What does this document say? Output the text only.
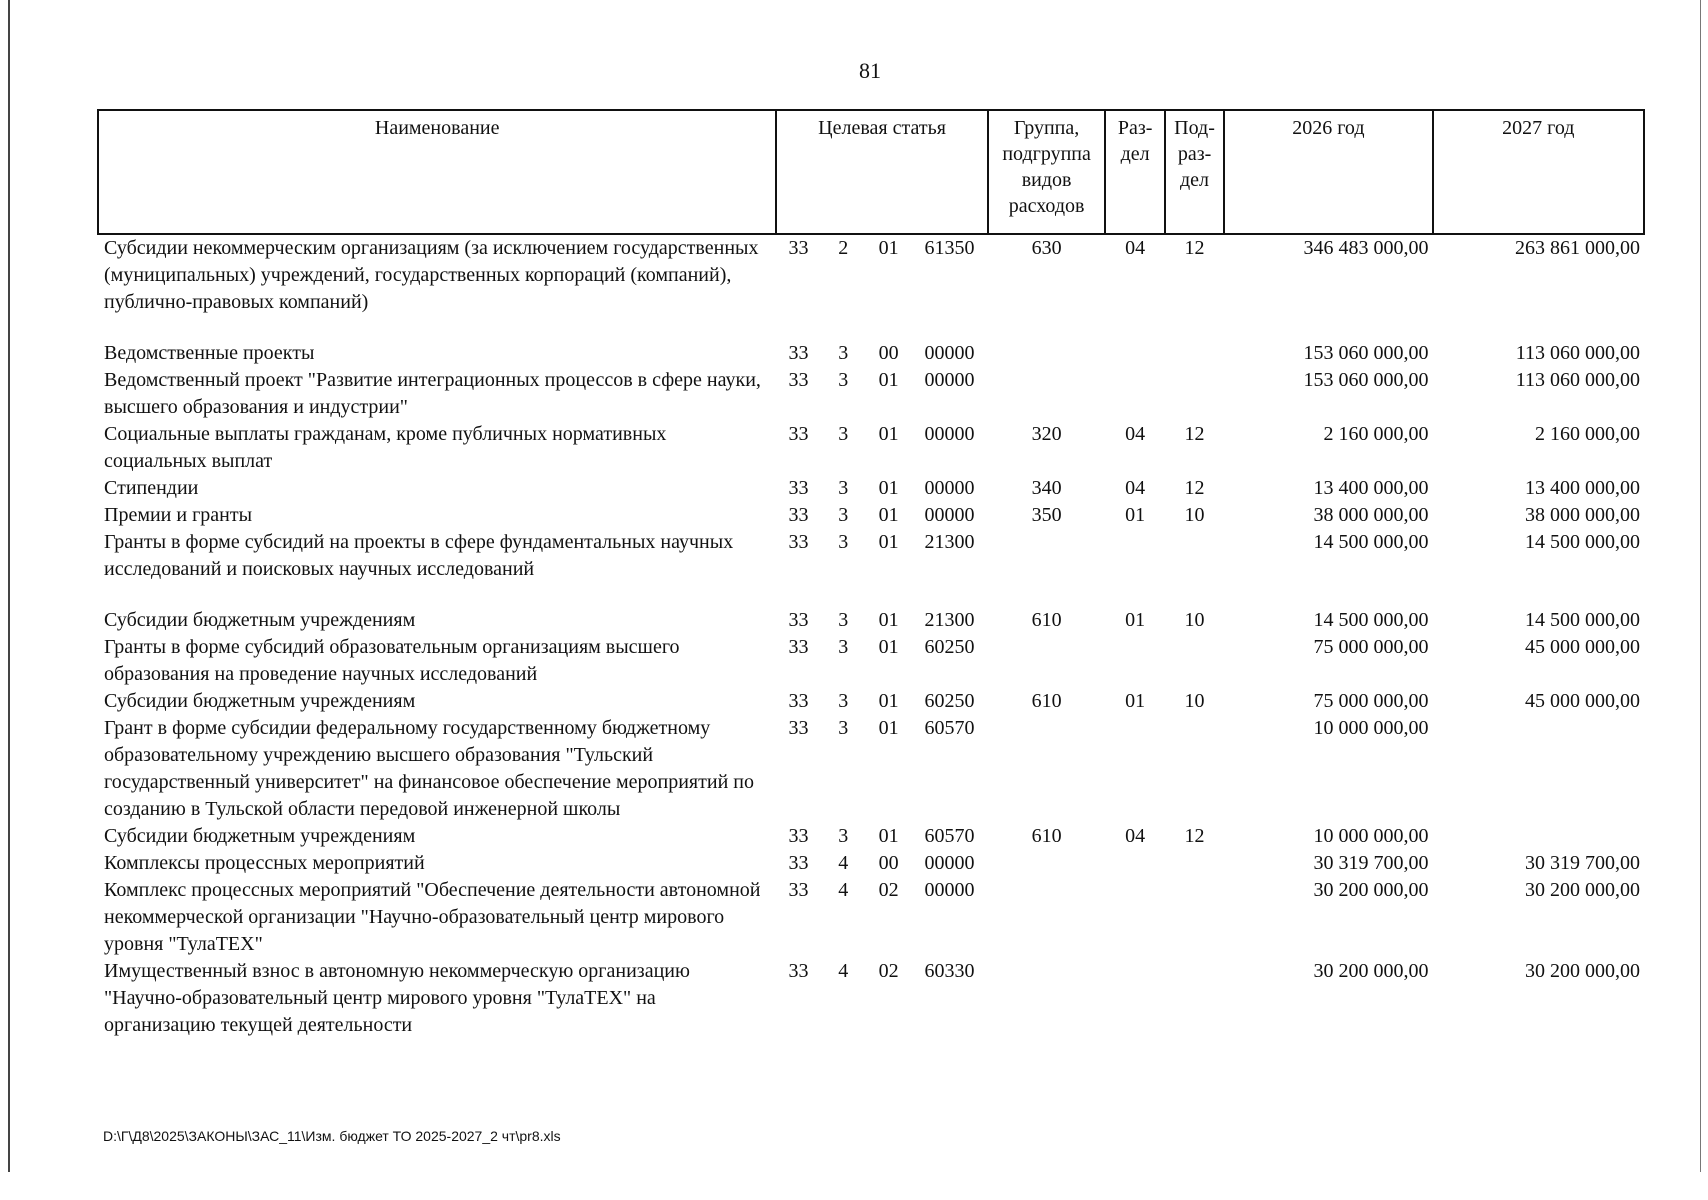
81
Наименование	Целевая статья				Группа, подгруппа видов расходов	Раз-дел	Под-раз-дел	2026 год	2027 год
Субсидии некоммерческим организациям (за исключением государственных (муниципальных) учреждений, государственных корпораций (компаний), публично-правовых компаний)	33	2	01	61350	630	04	12	346 483 000,00	263 861 000,00

Ведомственные проекты	33	3	00	00000				153 060 000,00	113 060 000,00
Ведомственный проект "Развитие интеграционных процессов в сфере науки, высшего образования и индустрии"	33	3	01	00000				153 060 000,00	113 060 000,00
Социальные выплаты гражданам, кроме публичных нормативных социальных выплат	33	3	01	00000	320	04	12	2 160 000,00	2 160 000,00
Стипендии	33	3	01	00000	340	04	12	13 400 000,00	13 400 000,00
Премии и гранты	33	3	01	00000	350	01	10	38 000 000,00	38 000 000,00
Гранты в форме субсидий на проекты в сфере фундаментальных научных исследований и поисковых научных исследований	33	3	01	21300				14 500 000,00	14 500 000,00

Субсидии бюджетным учреждениям	33	3	01	21300	610	01	10	14 500 000,00	14 500 000,00
Гранты в форме субсидий образовательным организациям высшего образования на проведение научных исследований	33	3	01	60250				75 000 000,00	45 000 000,00
Субсидии бюджетным учреждениям	33	3	01	60250	610	01	10	75 000 000,00	45 000 000,00
Грант в форме субсидии федеральному государственному бюджетному образовательному учреждению высшего образования "Тульский государственный университет" на финансовое обеспечение мероприятий по созданию в Тульской области передовой инженерной школы	33	3	01	60570				10 000 000,00	
Субсидии бюджетным учреждениям	33	3	01	60570	610	04	12	10 000 000,00	
Комплексы процессных мероприятий	33	4	00	00000				30 319 700,00	30 319 700,00
Комплекс процессных мероприятий "Обеспечение деятельности автономной некоммерческой организации "Научно-образовательный центр мирового уровня "ТулаТЕХ"	33	4	02	00000				30 200 000,00	30 200 000,00
Имущественный взнос в автономную некоммерческую организацию "Научно-образовательный центр мирового уровня "ТулаТЕХ" на организацию текущей деятельности	33	4	02	60330				30 200 000,00	30 200 000,00
D:\Г\Д8\2025\ЗАКОНЫ\ЗАС_11\Изм. бюджет ТО 2025-2027_2 чт\pr8.xls
